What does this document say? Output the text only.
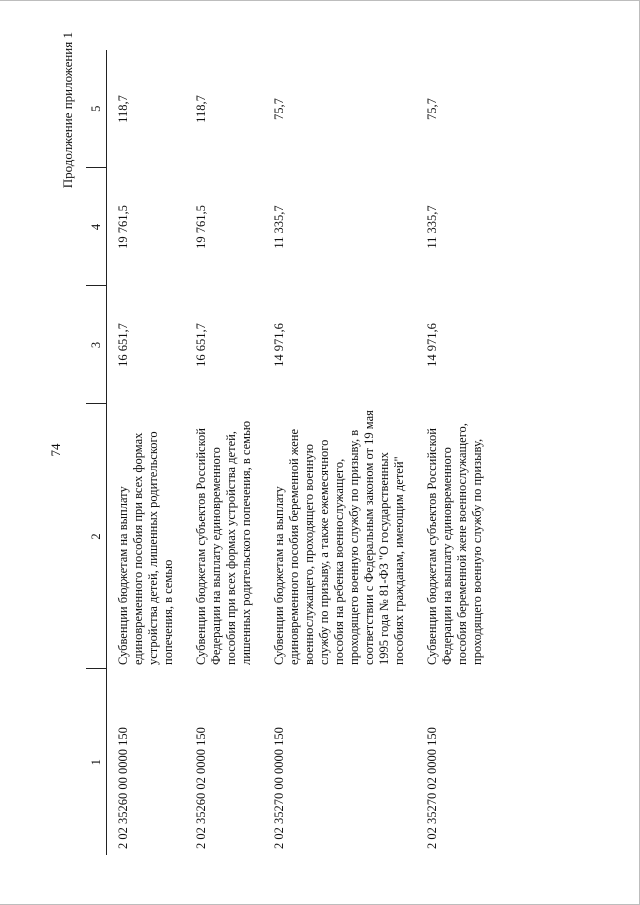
74
Продолжение приложения 1
1	2	3	4	5
2 02 35260 00 0000 150	Субвенции бюджетам на выплату единовременного пособия при всех формах устройства детей, лишенных родительского попечения, в семью	16 651,7	19 761,5	118,7
2 02 35260 02 0000 150	Субвенции бюджетам субъектов Российской Федерации на выплату единовременного пособия при всех формах устройства детей, лишенных родительского попечения, в семью	16 651,7	19 761,5	118,7
2 02 35270 00 0000 150	Субвенции бюджетам на выплату единовременного пособия беременной жене военнослужащего, проходящего военную службу по призыву, а также ежемесячного пособия на ребенка военнослужащего, проходящего военную службу по призыву, в соответствии с Федеральным законом от 19 мая 1995 года № 81-ФЗ "О государственных пособиях гражданам, имеющим детей"	14 971,6	11 335,7	75,7
2 02 35270 02 0000 150	Субвенции бюджетам субъектов Российской Федерации на выплату единовременного пособия беременной жене военнослужащего, проходящего военную службу по призыву,	14 971,6	11 335,7	75,7
